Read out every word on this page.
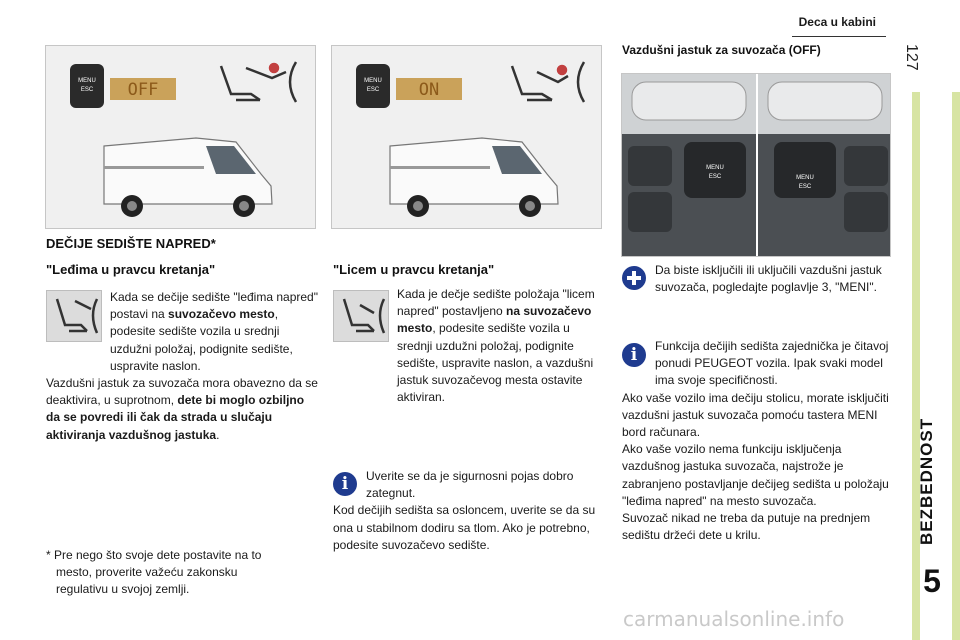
Deca u kabini
127
BEZBEDNOST
5
MENU
ESC OFF	MENU
ESC ON
MENU
ESC	MENU
ESC
DEČIJE SEDIŠTE NAPRED*
"Leđima u pravcu kretanja"
Kada se dečije sedište "leđima napred" postavi na suvozačevo mesto, podesite sedište vozila u srednji uzdužni položaj, podignite sedište, uspravite naslon.
Vazdušni jastuk za suvozača mora obavezno da se deaktivira, u suprotnom, dete bi moglo ozbiljno da se povredi ili čak da strada u slučaju aktiviranja vazdušnog jastuka.
* Pre nego što svoje dete postavite na to mesto, proverite važeću zakonsku regulativu u svojoj zemlji.
"Licem u pravcu kretanja"
Kada je dečje sedište položaja "licem napred" postavljeno na suvozačevo mesto, podesite sedište vozila u srednji uzdužni položaj, podignite sedište, uspravite naslon, a vazdušni jastuk suvozačevog mesta ostavite aktiviran.
i	Uverite se da je sigurnosni pojas dobro zategnut.
Kod dečijih sedišta sa osloncem, uverite se da su ona u stabilnom dodiru sa tlom. Ako je potrebno, podesite suvozačevo sedište.
Vazdušni jastuk za suvozača (OFF)
Da biste isključili ili uključili vazdušni jastuk suvozača, pogledajte poglavlje 3, "MENI".
i	Funkcija dečijih sedišta zajednička je čitavoj ponudi PEUGEOT vozila. Ipak svaki model ima svoje specifičnosti.
Ako vaše vozilo ima dečiju stolicu, morate isključiti vazdušni jastuk suvozača pomoću tastera MENI bord računara.
Ako vaše vozilo nema funkciju isključenja vazdušnog jastuka suvozača, najstrože je zabranjeno postavljanje dečijeg sedišta u položaju "leđima napred" na mesto suvozača.
Suvozač nikad ne treba da putuje na prednjem sedištu držeći dete u krilu.
carmanualsonline.info
